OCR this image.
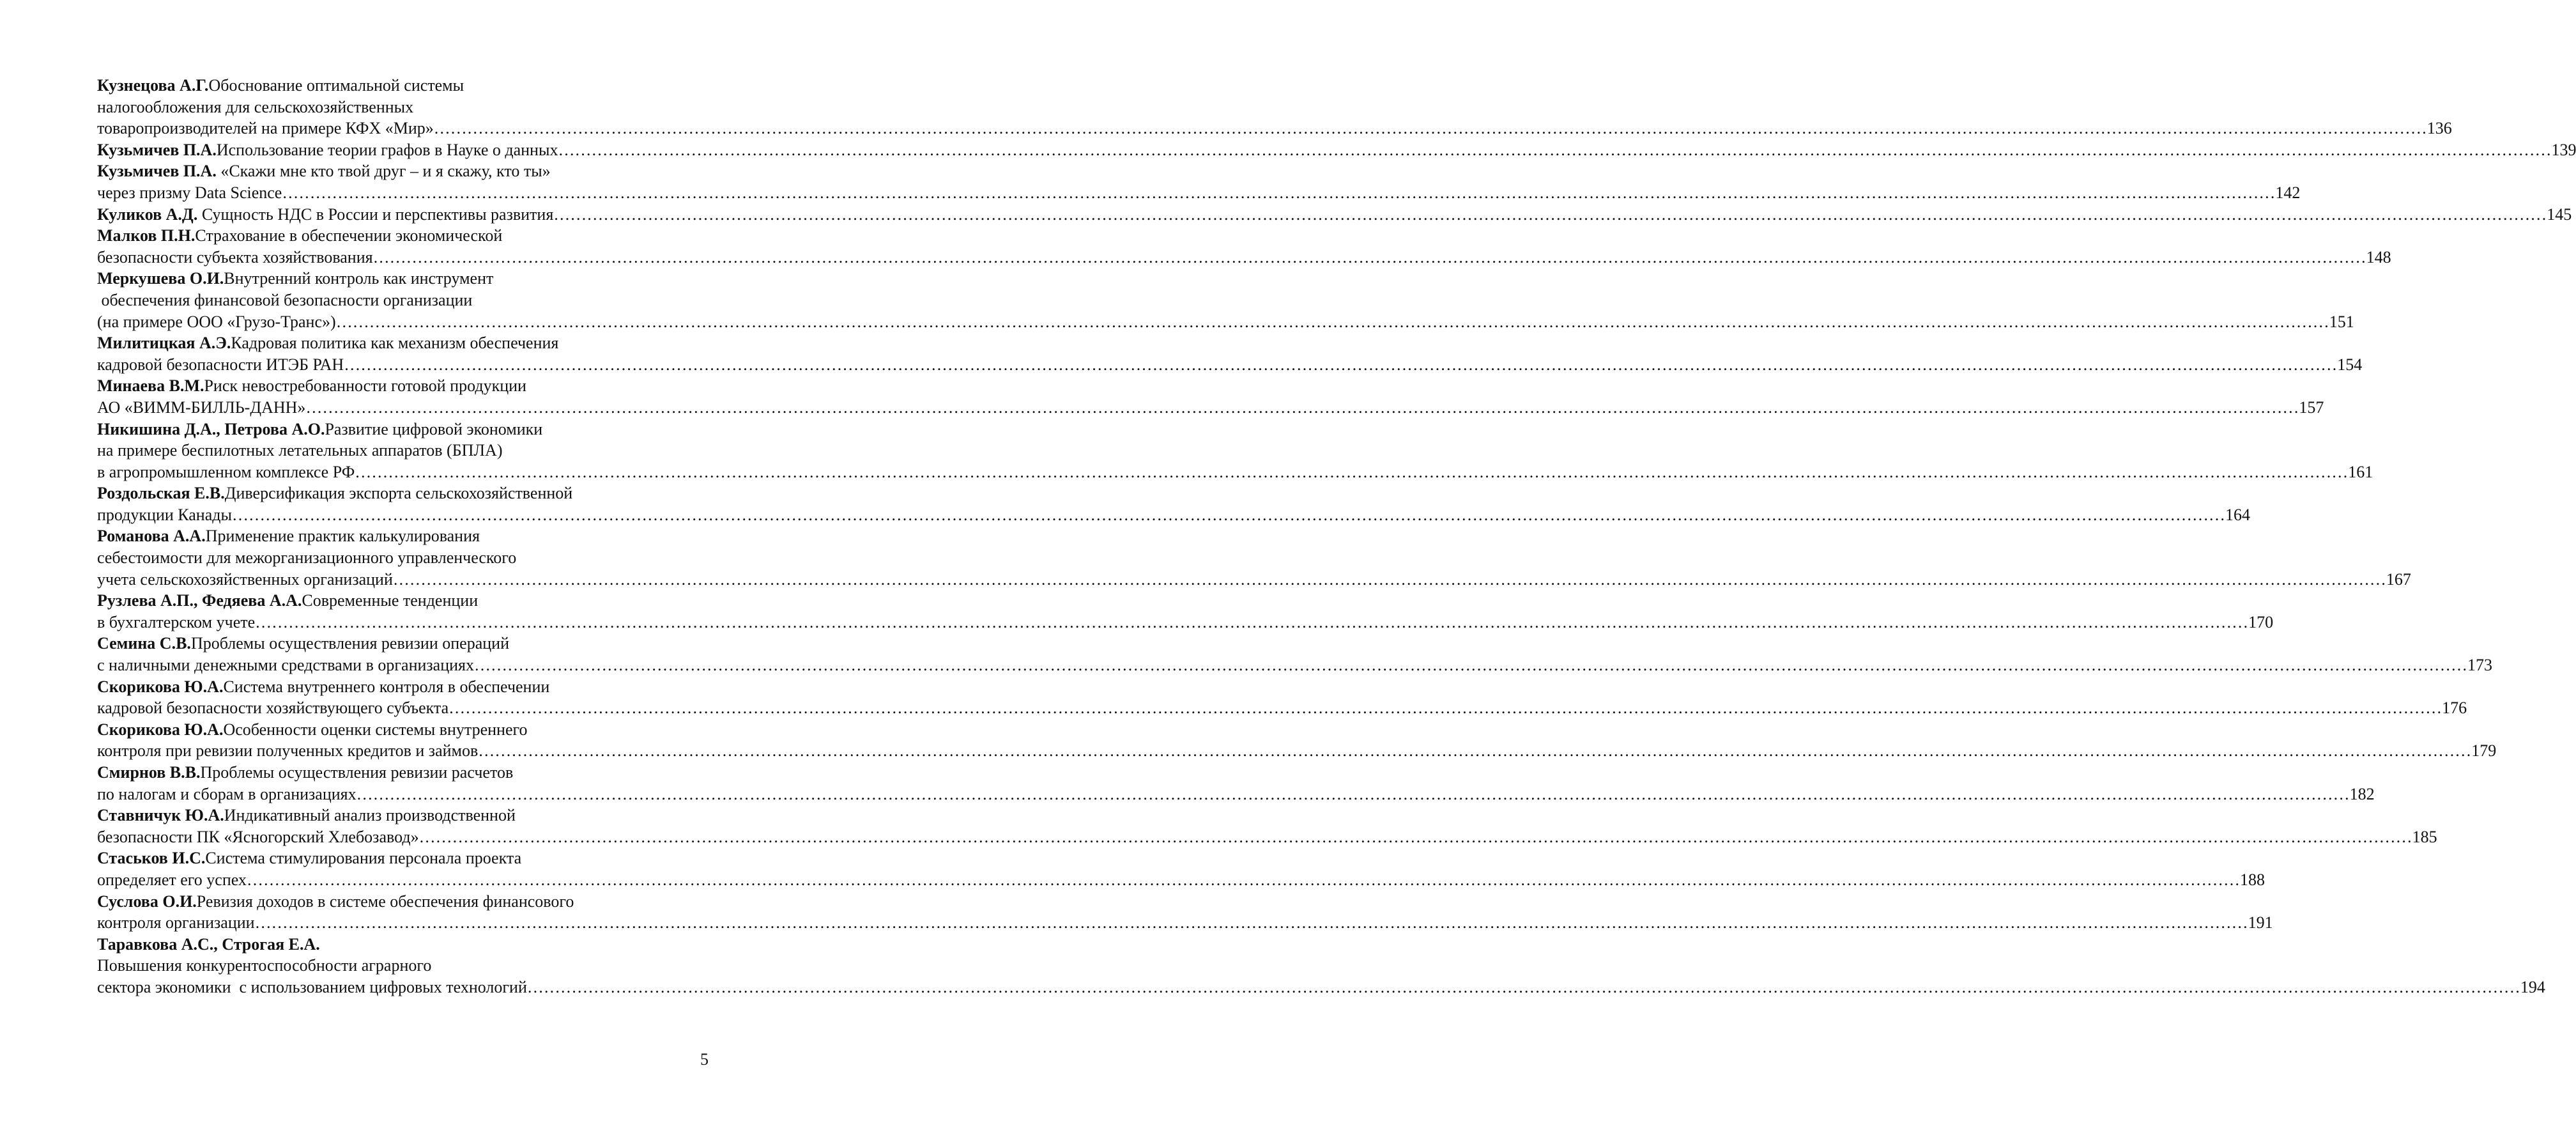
Кузнецова А.Г. Обоснование оптимальной системы
налогообложения для сельскохозяйственных
товаропроизводителей на примере КФХ «Мир» ……………………………………………………………………………………………………………………………………………………………………………………………………………………………………………………………………………………………………………………………… 136
Кузьмичев П.А. Использование теории графов в Науке о данных ……………………………………………………………………………………………………………………………………………………………………………………………………………………………………………………………………………………………………………………………… 139
Кузьмичев П.А. «Скажи мне кто твой друг – и я скажу, кто ты»
через призму Data Science ……………………………………………………………………………………………………………………………………………………………………………………………………………………………………………………………………………………………………………………………… 142
Куликов А.Д. Сущность НДС в России и перспективы развития ……………………………………………………………………………………………………………………………………………………………………………………………………………………………………………………………………………………………………………………………… 145
Малков П.Н. Страхование в обеспечении экономической
безопасности субъекта хозяйствования ……………………………………………………………………………………………………………………………………………………………………………………………………………………………………………………………………………………………………………………………… 148
Меркушева О.И. Внутренний контроль как инструмент
обеспечения финансовой безопасности организации
(на примере ООО «Грузо-Транс») ……………………………………………………………………………………………………………………………………………………………………………………………………………………………………………………………………………………………………………………………… 151
Милитицкая А.Э. Кадровая политика как механизм обеспечения
кадровой безопасности ИТЭБ РАН ……………………………………………………………………………………………………………………………………………………………………………………………………………………………………………………………………………………………………………………………… 154
Минаева В.М. Риск невостребованности готовой продукции
АО «ВИММ-БИЛЛЬ-ДАНН» ……………………………………………………………………………………………………………………………………………………………………………………………………………………………………………………………………………………………………………………………… 157
Никишина Д.А., Петрова А.О. Развитие цифровой экономики
на примере беспилотных летательных аппаратов (БПЛА)
в агропромышленном комплексе РФ ……………………………………………………………………………………………………………………………………………………………………………………………………………………………………………………………………………………………………………………………… 161
Роздольская Е.В. Диверсификация экспорта сельскохозяйственной
продукции Канады ……………………………………………………………………………………………………………………………………………………………………………………………………………………………………………………………………………………………………………………………… 164
Романова А.А. Применение практик калькулирования
себестоимости для межорганизационного управленческого
учета сельскохозяйственных организаций ……………………………………………………………………………………………………………………………………………………………………………………………………………………………………………………………………………………………………………………………… 167
Рузлева А.П., Федяева А.А. Современные тенденции
в бухгалтерском учете ……………………………………………………………………………………………………………………………………………………………………………………………………………………………………………………………………………………………………………………………… 170
Семина С.В. Проблемы осуществления ревизии операций
с наличными денежными средствами в организациях ……………………………………………………………………………………………………………………………………………………………………………………………………………………………………………………………………………………………………………………………… 173
Скорикова Ю.А. Система внутреннего контроля в обеспечении
кадровой безопасности хозяйствующего субъекта ……………………………………………………………………………………………………………………………………………………………………………………………………………………………………………………………………………………………………………………………… 176
Скорикова Ю.А. Особенности оценки системы внутреннего
контроля при ревизии полученных кредитов и займов ……………………………………………………………………………………………………………………………………………………………………………………………………………………………………………………………………………………………………………………………… 179
Смирнов В.В. Проблемы осуществления ревизии расчетов
по налогам и сборам в организациях ……………………………………………………………………………………………………………………………………………………………………………………………………………………………………………………………………………………………………………………………… 182
Ставничук Ю.А. Индикативный анализ производственной
безопасности ПК «Ясногорский Хлебозавод» ……………………………………………………………………………………………………………………………………………………………………………………………………………………………………………………………………………………………………………………………… 185
Стаськов И.С. Система стимулирования персонала проекта
определяет его успех ……………………………………………………………………………………………………………………………………………………………………………………………………………………………………………………………………………………………………………………………… 188
Суслова О.И. Ревизия доходов в системе обеспечения финансового
контроля организации ……………………………………………………………………………………………………………………………………………………………………………………………………………………………………………………………………………………………………………………………… 191
Таравкова А.С., Строгая Е.А.
Повышения конкурентоспособности аграрного
сектора экономики  с использованием цифровых технологий ……………………………………………………………………………………………………………………………………………………………………………………………………………………………………………………………………………………………………………………………… 194
5
